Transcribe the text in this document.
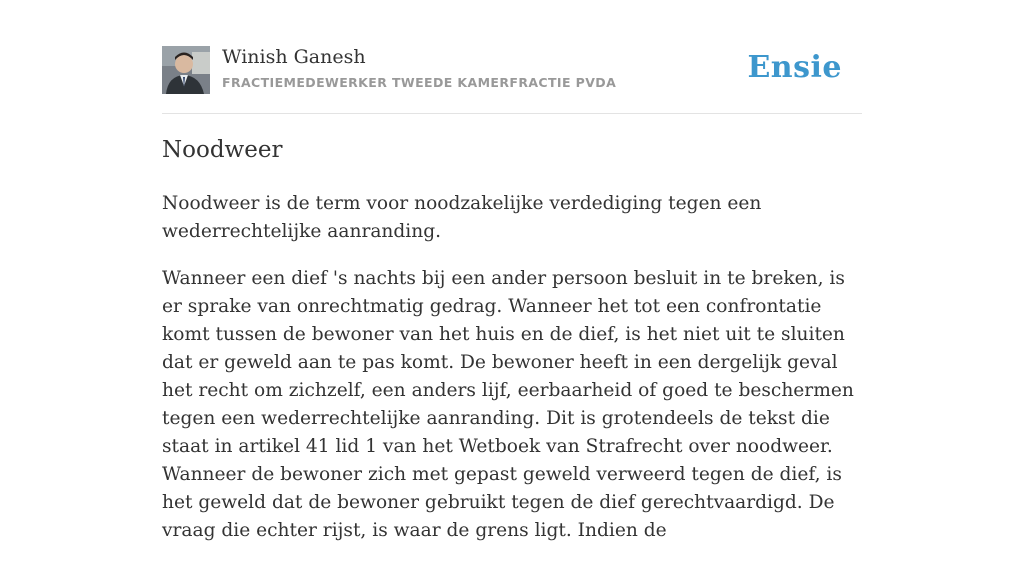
Winish Ganesh
FRACTIEMEDEWERKER TWEEDE KAMERFRACTIE PVDA	Ensie
Noodweer

Noodweer is de term voor noodzakelijke verdediging tegen een wederrechtelijke aanranding.

Wanneer een dief 's nachts bij een ander persoon besluit in te breken, is er sprake van onrechtmatig gedrag. Wanneer het tot een confrontatie komt tussen de bewoner van het huis en de dief, is het niet uit te sluiten dat er geweld aan te pas komt. De bewoner heeft in een dergelijk geval het recht om zichzelf, een anders lijf, eerbaarheid of goed te beschermen tegen een wederrechtelijke aanranding. Dit is grotendeels de tekst die staat in artikel 41 lid 1 van het Wetboek van Strafrecht over noodweer. Wanneer de bewoner zich met gepast geweld verweerd tegen de dief, is het geweld dat de bewoner gebruikt tegen de dief gerechtvaardigd. De vraag die echter rijst, is waar de grens ligt. Indien de
